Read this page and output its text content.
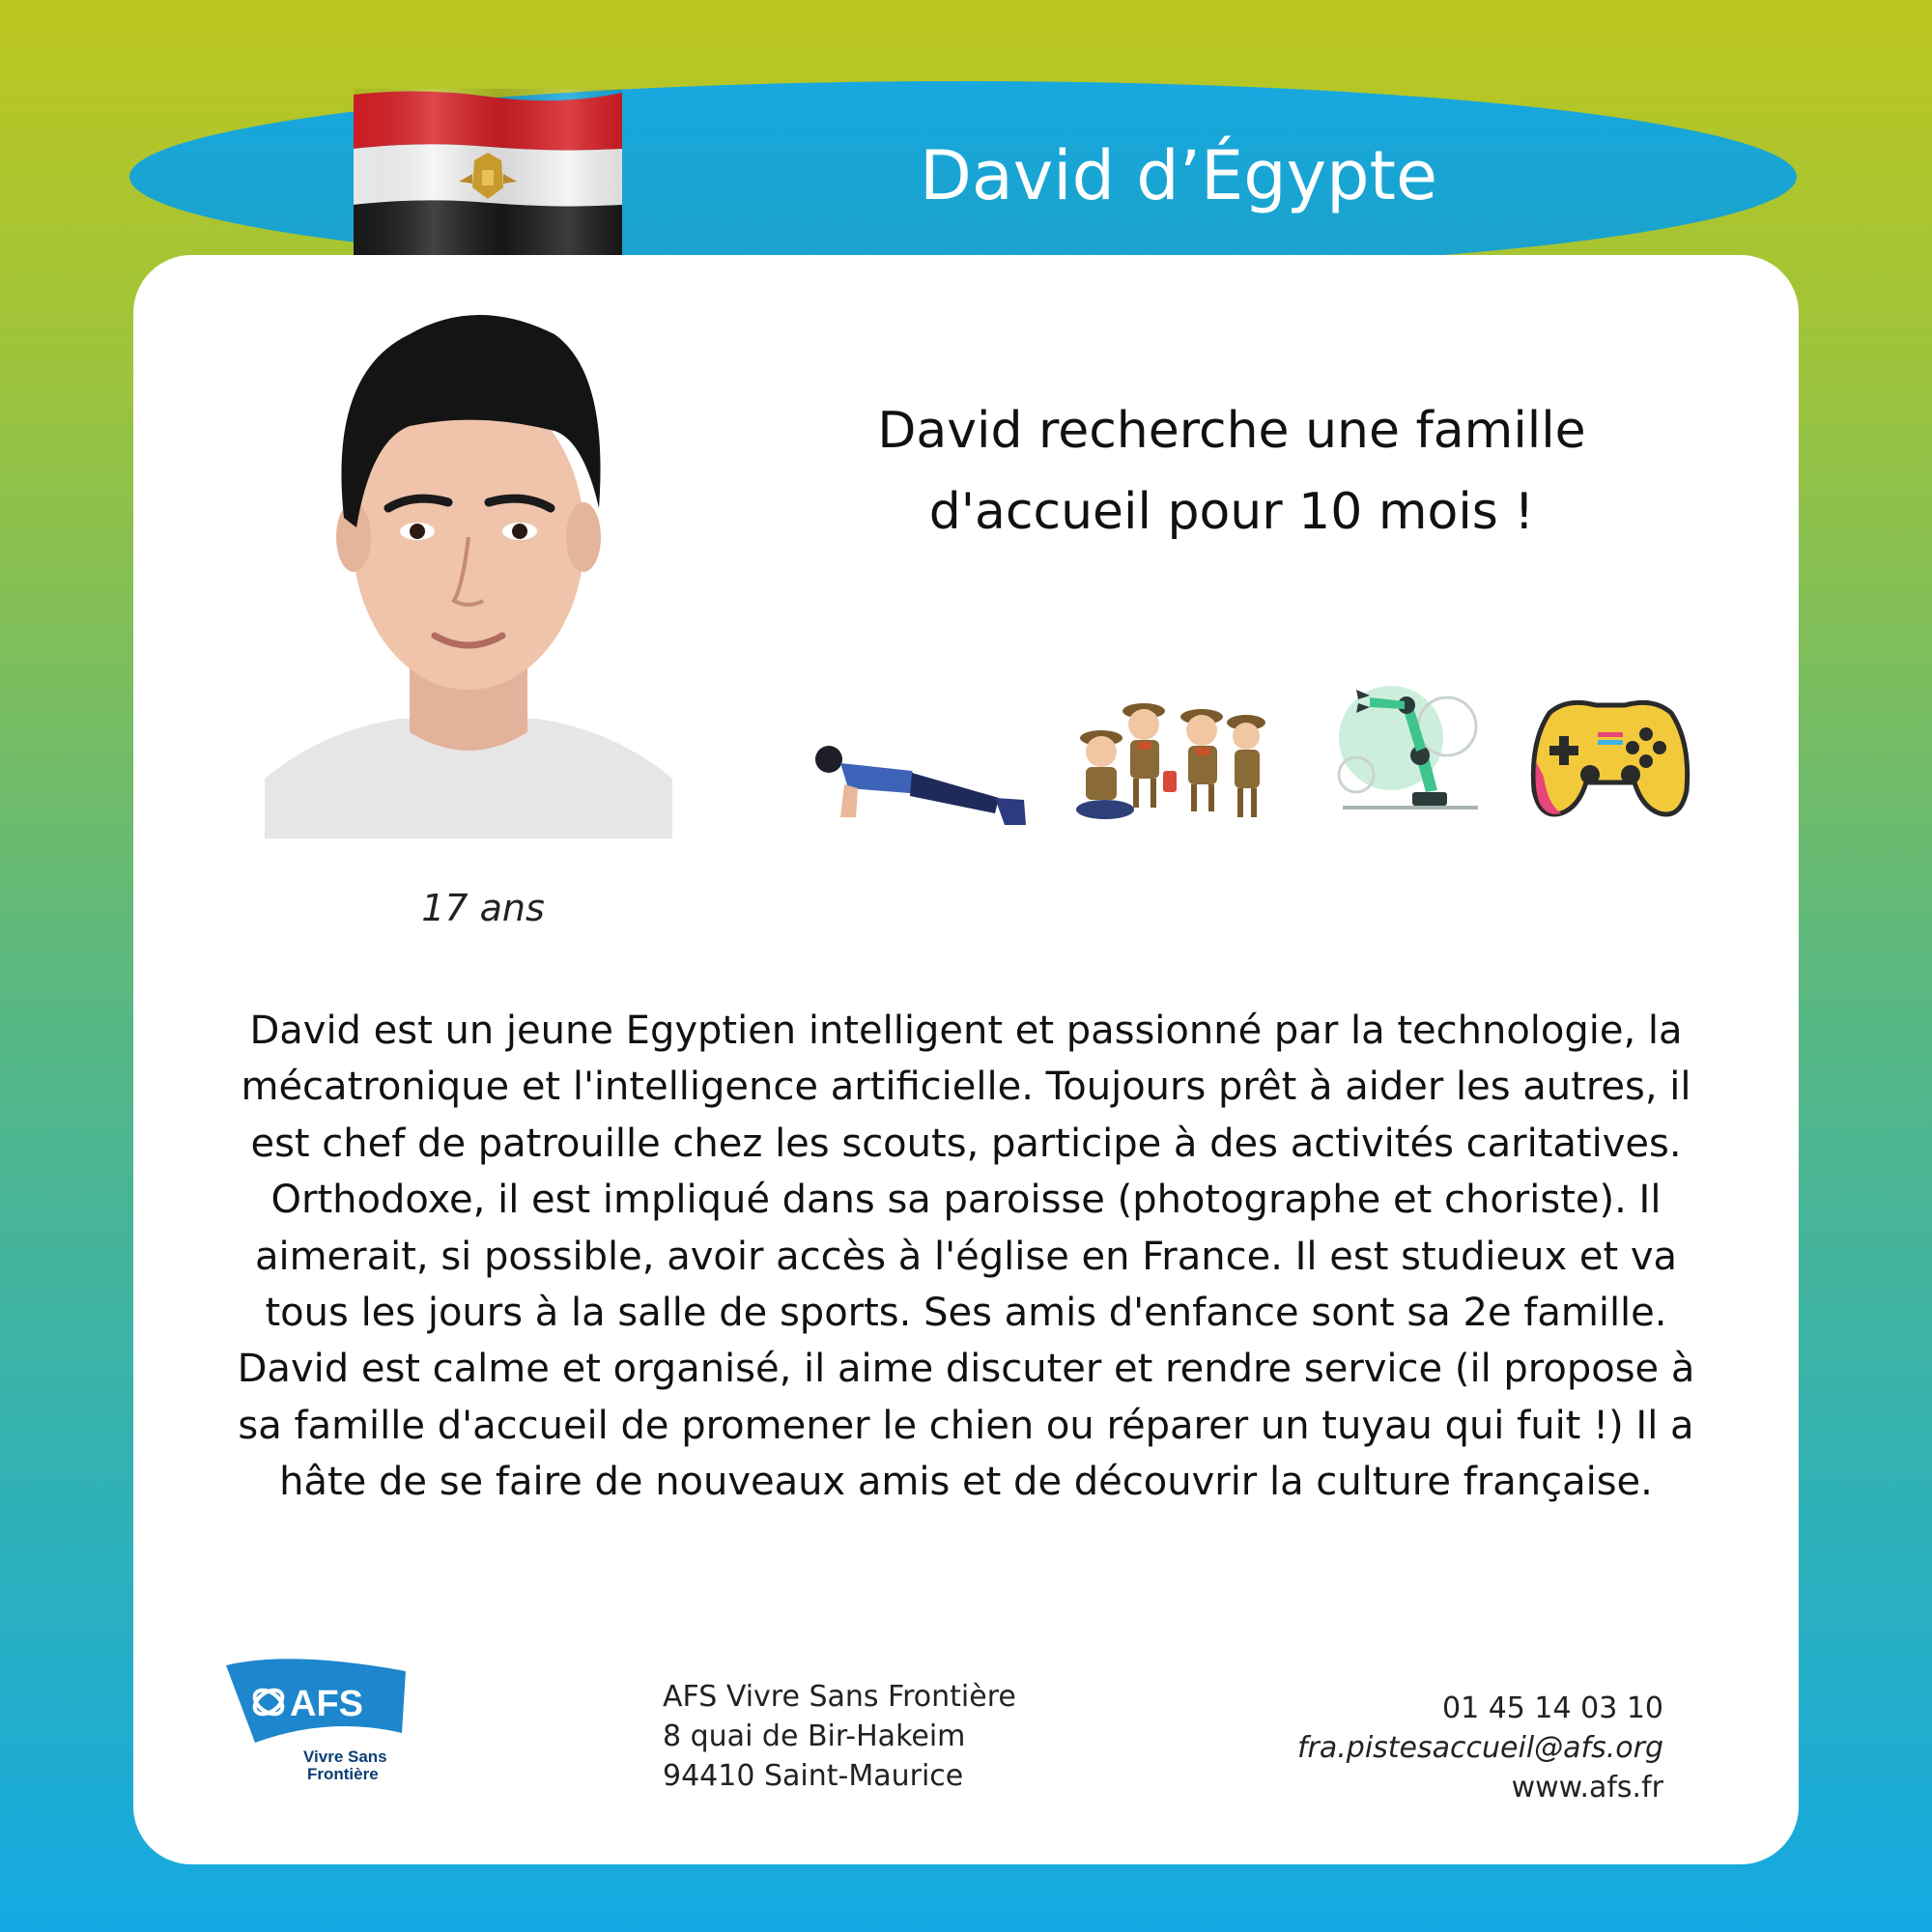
David d’Égypte
17 ans
David recherche une famille
d'accueil pour 10 mois !
David est un jeune Egyptien intelligent et passionné par la technologie, la
mécatronique et l'intelligence artificielle. Toujours prêt à aider les autres, il
est chef de patrouille chez les scouts, participe à des activités caritatives.
Orthodoxe, il est impliqué dans sa paroisse (photographe et choriste). Il
aimerait, si possible, avoir accès à l'église en France. Il est studieux et va
tous les jours à la salle de sports. Ses amis d'enfance sont sa 2e famille.
David est calme et organisé, il aime discuter et rendre service (il propose à
sa famille d'accueil de promener le chien ou réparer un tuyau qui fuit !) Il a
hâte de se faire de nouveaux amis et de découvrir la culture française.
AFS
Vivre Sans
Frontière
AFS Vivre Sans Frontière
8 quai de Bir-Hakeim
94410 Saint-Maurice
01 45 14 03 10
fra.pistesaccueil@afs.org
www.afs.fr
